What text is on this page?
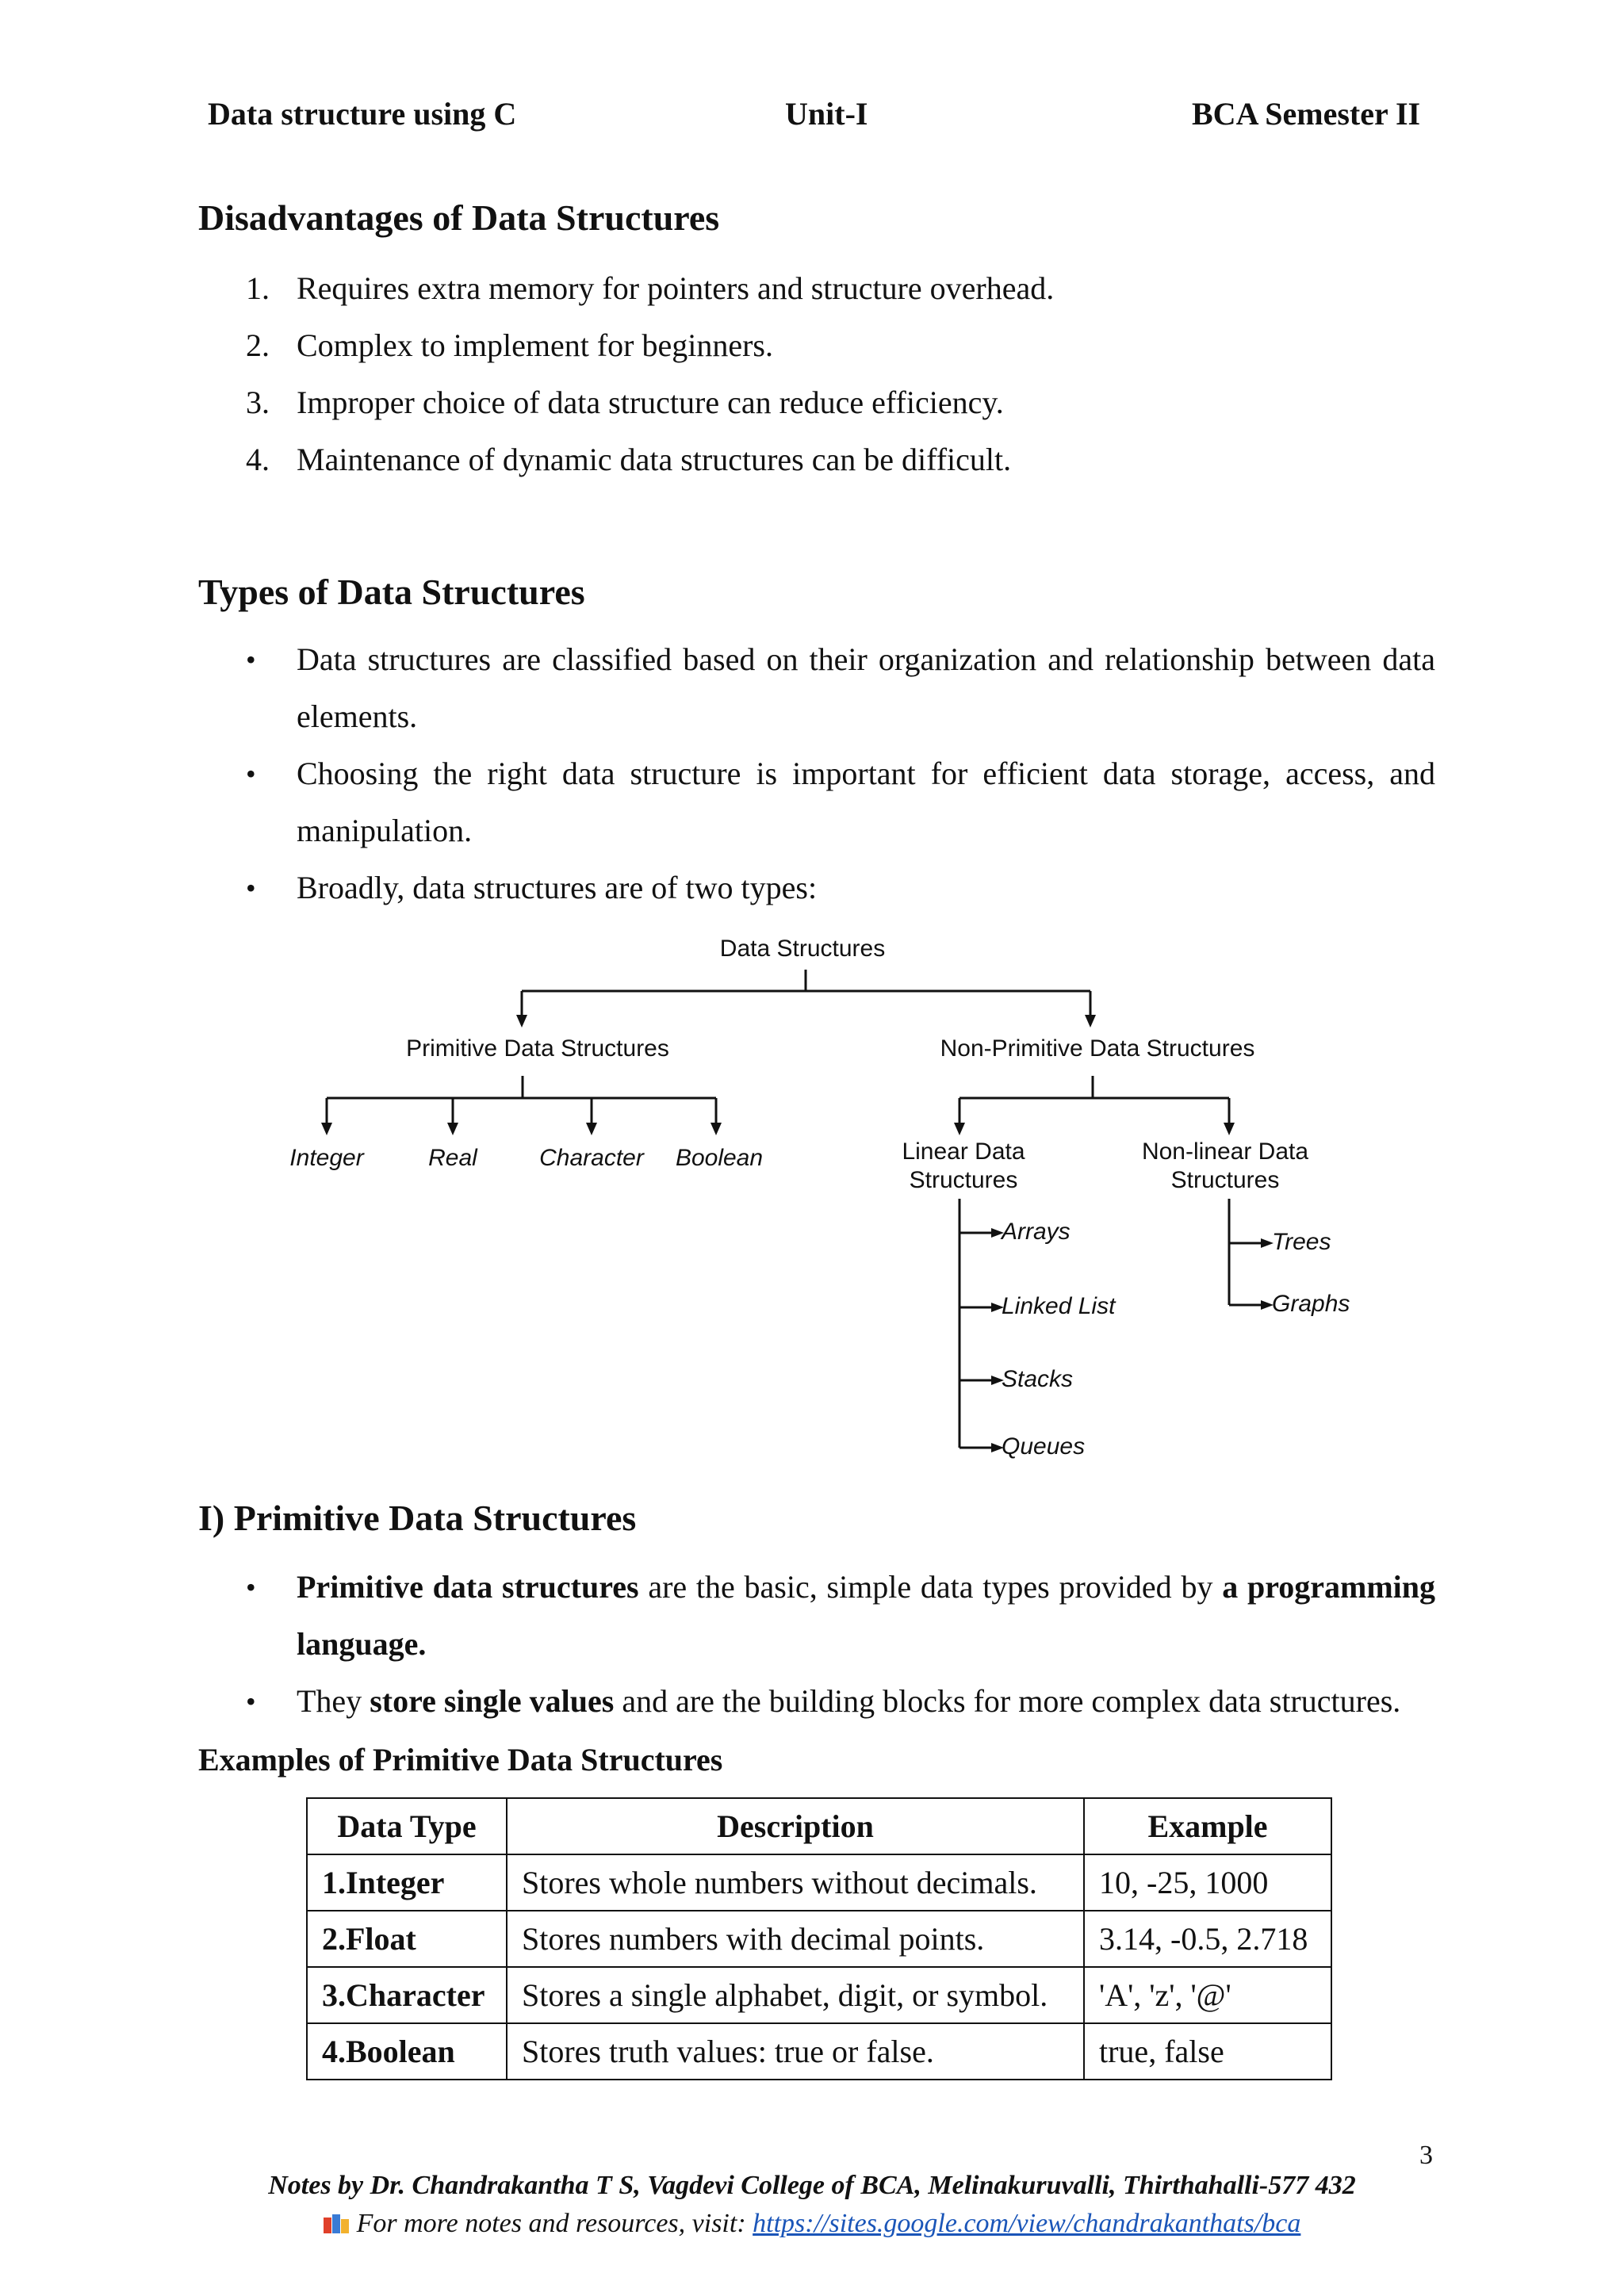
Data structure using C	Unit-I	BCA Semester II
Disadvantages of Data Structures
1. Requires extra memory for pointers and structure overhead.
2. Complex to implement for beginners.
3. Improper choice of data structure can reduce efficiency.
4. Maintenance of dynamic data structures can be difficult.
Types of Data Structures
• Data structures are classified based on their organization and relationship between data elements.
• Choosing the right data structure is important for efficient data storage, access, and manipulation.
• Broadly, data structures are of two types:
Data Structures
Primitive Data Structures
Integer	Real	Character Boolean
Non-Primitive Data Structures
Linear Data
Structures
Arrays
Linked List
Stacks
Queues
Non-linear Data
Structures
Trees
Graphs
I) Primitive Data Structures
• Primitive data structures are the basic, simple data types provided by a programming language.
• They store single values and are the building blocks for more complex data structures.
Examples of Primitive Data Structures
Data Type	Description	Example
1.Integer	Stores whole numbers without decimals.	10, -25, 1000
2.Float	Stores numbers with decimal points.	3.14, -0.5, 2.718
3.Character	Stores a single alphabet, digit, or symbol.	'A', 'z', '@'
4.Boolean	Stores truth values: true or false.	true, false
3
Notes by Dr. Chandrakantha T S, Vagdevi College of BCA, Melinakuruvalli, Thirthahalli-577 432
For more notes and resources, visit: https://sites.google.com/view/chandrakanthats/bca
